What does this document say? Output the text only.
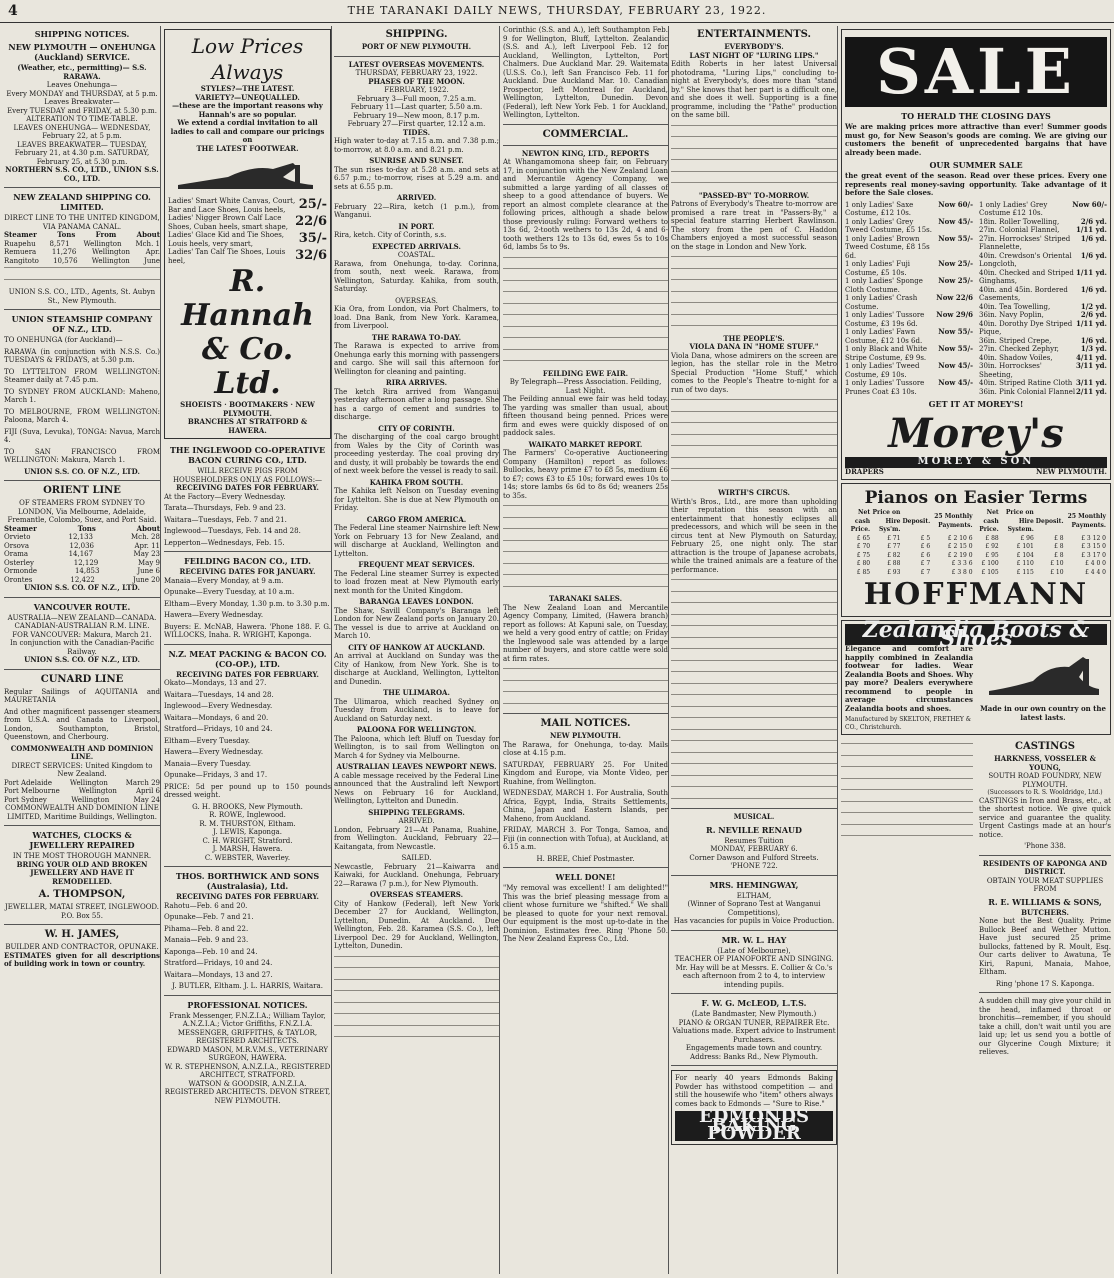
4	THE TARANAKI DAILY NEWS, THURSDAY, FEBRUARY 23, 1922.
SHIPPING NOTICES.
NEW PLYMOUTH — ONEHUNGA (Auckland) SERVICE.
(Weather, etc., permitting)— S.S. RARAWA.
Leaves Onehunga—
Every MONDAY and THURSDAY, at 5 p.m.
Leaves Breakwater—
Every TUESDAY and FRIDAY, at 5.30 p.m.
ALTERATION TO TIME-TABLE.
LEAVES ONEHUNGA— WEDNESDAY, February 22, at 5 p.m.
LEAVES BREAKWATER— TUESDAY, February 21, at 4.30 p.m. SATURDAY, February 25, at 5.30 p.m.
NORTHERN S.S. CO., LTD., UNION S.S. CO., LTD.
NEW ZEALAND SHIPPING CO. LIMITED.
DIRECT LINE TO THE UNITED KINGDOM, VIA PANAMA CANAL.
Steamer	Tons	From	About
Ruapehu 8,571 Wellington Mch. 1
Remuera 11,276 Wellington Apr.
Rangitoto 10,576 Wellington June
UNION S.S. CO., LTD., Agents, St. Aubyn St., New Plymouth.
UNION STEAMSHIP COMPANY OF N.Z., LTD.
TO ONEHUNGA (for Auckland)—
RARAWA (in conjunction with N.S.S. Co.) TUESDAYS & FRIDAYS, at 5.30 p.m.
TO LYTTELTON FROM WELLINGTON: Steamer daily at 7.45 p.m.
TO SYDNEY FROM AUCKLAND: Maheno, March 1.
TO MELBOURNE, FROM WELLINGTON: Paloona, March 4.
FIJI (Suva, Levuka), TONGA: Navua, March 4.
TO SAN FRANCISCO FROM WELLINGTON: Makura, March 1.
UNION S.S. CO. OF N.Z., LTD.
ORIENT LINE
OF STEAMERS FROM SYDNEY TO LONDON, Via Melbourne, Adelaide, Fremantle, Colombo, Suez, and Port Said.
Steamer	Tons	About
Orvieto	12,133	Mch. 28
Orsova	12,036	Apr. 11
Orama	14,167	May 23
Osterley	12,129	May 9
Ormonde	14,853	June 6
Orontes	12,422	June 20
UNION S.S. CO. OF N.Z., LTD.
VANCOUVER ROUTE.
AUSTRALIA—NEW ZEALAND—CANADA.
CANADIAN-AUSTRALIAN R.M. LINE.
FOR VANCOUVER: Makura, March 21.
In conjunction with the Canadian-Pacific Railway.
UNION S.S. CO. OF N.Z., LTD.
CUNARD LINE
Regular Sailings of AQUITANIA and MAURETANIA
And other magnificent passenger steamers from U.S.A. and Canada to Liverpool, London, Southampton, Bristol, Queenstown, and Cherbourg.
COMMONWEALTH AND DOMINION LINE.
DIRECT SERVICES: United Kingdom to New Zealand.
Port Adelaide	Wellington	March 29
Port Melbourne	Wellington	April 6
Port Sydney	Wellington	May 24
COMMONWEALTH AND DOMINION LINE LIMITED, Maritime Buildings, Wellington.
WATCHES, CLOCKS & JEWELLERY REPAIRED
IN THE MOST THOROUGH MANNER.
BRING YOUR OLD AND BROKEN JEWELLERY AND HAVE IT REMODELLED.
A. THOMPSON,
JEWELLER, MATAI STREET, INGLEWOOD. P.O. Box 55.
W. H. JAMES,
BUILDER AND CONTRACTOR, OPUNAKE.
ESTIMATES given for all descriptions of building work in town or country.
Low Prices Always
STYLES?—THE LATEST.
VARIETY?—UNEQUALLED.
—these are the important reasons why Hannah's are so popular.
We extend a cordial invitation to all ladies to call and compare our pricings on
THE LATEST FOOTWEAR.
Ladies' Smart White Canvas, Court, Bar and Lace Shoes, Louis heels,	25/-
Ladies' Nigger Brown Calf Lace Shoes, Cuban heels, smart shape, 22/6
Ladies' Glace Kid and Tie Shoes, Louis heels, very smart,	35/-
Ladies' Tan Calf Tie Shoes, Louis heel,	32/6
R. Hannah & Co. Ltd.
SHOEISTS · BOOTMAKERS · NEW PLYMOUTH.
BRANCHES AT STRATFORD & HAWERA.
THE INGLEWOOD CO-OPERATIVE BACON CURING CO., LTD.
WILL RECEIVE PIGS FROM HOUSEHOLDERS ONLY AS FOLLOWS:—
RECEIVING DATES FOR FEBRUARY.
At the Factory—Every Wednesday.
Tarata—Thursdays, Feb. 9 and 23.
Waitara—Tuesdays, Feb. 7 and 21.
Inglewood—Tuesdays, Feb. 14 and 28.
Lepperton—Wednesdays, Feb. 15.
FEILDING BACON CO., LTD.
RECEIVING DATES FOR JANUARY.
Manaia—Every Monday, at 9 a.m.
Opunake—Every Tuesday, at 10 a.m.
Eltham—Every Monday, 1.30 p.m. to 3.30 p.m.
Hawera—Every Wednesday.
Buyers: E. McNAB, Hawera. 'Phone 188. F. G. WILLOCKS, Inaha. R. WRIGHT, Kaponga.
N.Z. MEAT PACKING & BACON CO. (CO-OP.), LTD.
RECEIVING DATES FOR FEBRUARY.
Okato—Mondays, 13 and 27.
Waitara—Tuesdays, 14 and 28.
Inglewood—Every Wednesday.
Waitara—Mondays, 6 and 20.
Stratford—Fridays, 10 and 24.
Eltham—Every Tuesday.
Hawera—Every Wednesday.
Manaia—Every Tuesday.
Opunake—Fridays, 3 and 17.
PRICE: 5d per pound up to 150 pounds dressed weight.
G. H. BROOKS, New Plymouth.
R. ROWE, Inglewood.
R. M. THURSTON, Eltham.
J. LEWIS, Kaponga.
C. H. WRIGHT, Stratford.
J. MARSH, Hawera.
C. WEBSTER, Waverley.
THOS. BORTHWICK AND SONS (Australasia), Ltd.
RECEIVING DATES FOR FEBRUARY.
Rahotu—Feb. 6 and 20.
Opunake—Feb. 7 and 21.
Pihama—Feb. 8 and 22.
Manaia—Feb. 9 and 23.
Kaponga—Feb. 10 and 24.
Stratford—Fridays, 10 and 24.
Waitara—Mondays, 13 and 27.
J. BUTLER, Eltham. J. L. HARRIS, Waitara.
PROFESSIONAL NOTICES.
Frank Messenger, F.N.Z.I.A.; William Taylor, A.N.Z.I.A.; Victor Griffiths, F.N.Z.I.A.
MESSENGER, GRIFFITHS, & TAYLOR, REGISTERED ARCHITECTS.
EDWARD MASON, M.R.V.M.S., VETERINARY SURGEON, HAWERA.
W. R. STEPHENSON, A.N.Z.I.A., REGISTERED ARCHITECT, STRATFORD.
WATSON & GOODSIR, A.N.Z.I.A. REGISTERED ARCHITECTS. DEVON STREET, NEW PLYMOUTH.
SHIPPING.
PORT OF NEW PLYMOUTH.
LATEST OVERSEAS MOVEMENTS.
THURSDAY, FEBRUARY 23, 1922.
PHASES OF THE MOON.
FEBRUARY, 1922.
February 3—Full moon, 7.25 a.m.
February 11—Last quarter, 5.50 a.m.
February 19—New moon, 8.17 p.m.
February 27—First quarter, 12.12 a.m.
TIDES.
High water to-day at 7.15 a.m. and 7.38 p.m.; to-morrow, at 8.0 a.m. and 8.21 p.m.
SUNRISE AND SUNSET.
The sun rises to-day at 5.28 a.m. and sets at 6.57 p.m.; to-morrow, rises at 5.29 a.m. and sets at 6.55 p.m.
ARRIVED.
February 22—Rira, ketch (1 p.m.), from Wanganui.
IN PORT.
Rira, ketch. City of Corinth, s.s.
EXPECTED ARRIVALS.
COASTAL.
Rarawa, from Onehunga, to-day. Corinna, from south, next week. Rarawa, from Wellington, Saturday. Kahika, from south, Saturday.
OVERSEAS.
Kia Ora, from London, via Port Chalmers, to load. Dna Bank, from New York. Karamea, from Liverpool.
THE RARAWA TO-DAY.
The Rarawa is expected to arrive from Onehunga early this morning with passengers and cargo. She will sail this afternoon for Wellington for cleaning and painting.
RIRA ARRIVES.
The ketch Rira arrived from Wanganui yesterday afternoon after a long passage. She has a cargo of cement and sundries to discharge.
CITY OF CORINTH.
The discharging of the coal cargo brought from Wales by the City of Corinth was proceeding yesterday. The coal proving dry and dusty, it will probably be towards the end of next week before the vessel is ready to sail.
KAHIKA FROM SOUTH.
The Kahika left Nelson on Tuesday evening for Lyttelton. She is due at New Plymouth on Friday.
CARGO FROM AMERICA.
The Federal Line steamer Nairnshire left New York on February 13 for New Zealand, and will discharge at Auckland, Wellington and Lyttelton.
FREQUENT MEAT SERVICES.
The Federal Line steamer Surrey is expected to load frozen meat at New Plymouth early next month for the United Kingdom.
BARANGA LEAVES LONDON.
The Shaw, Savill Company's Baranga left London for New Zealand ports on January 20. The vessel is due to arrive at Auckland on March 10.
CITY OF HANKOW AT AUCKLAND.
An arrival at Auckland on Sunday was the City of Hankow, from New York. She is to discharge at Auckland, Wellington, Lyttelton and Dunedin.
THE ULIMAROA.
The Ulimaroa, which reached Sydney on Tuesday from Auckland, is to leave for Auckland on Saturday next.
PALOONA FOR WELLINGTON.
The Paloona, which left Bluff on Tuesday for Wellington, is to sail from Wellington on March 4 for Sydney via Melbourne.
AUSTRALIAN LEAVES NEWPORT NEWS.
A cable message received by the Federal Line announced that the Australind left Newport News on February 16 for Auckland, Wellington, Lyttelton and Dunedin.
SHIPPING TELEGRAMS.
ARRIVED.
London, February 21—At Panama, Ruahine, from Wellington. Auckland, February 22—Kaitangata, from Newcastle.
SAILED.
Newcastle, February 21—Kaiwarra and Kaiwaki, for Auckland. Onehunga, February 22—Rarawa (7 p.m.), for New Plymouth.
OVERSEAS STEAMERS.
City of Hankow (Federal), left New York December 27 for Auckland, Wellington, Lyttelton, Dunedin. At Auckland. Due Wellington, Feb. 28. Karamea (S.S. Co.), left Liverpool Dec. 29 for Auckland, Wellington, Lyttelton, Dunedin.
Corinthic (S.S. and A.), left Southampton Feb. 9 for Wellington, Bluff, Lyttelton. Zealandic (S.S. and A.), left Liverpool Feb. 12 for Auckland, Wellington, Lyttelton, Port Chalmers. Due Auckland Mar. 29. Waitemata (U.S.S. Co.), left San Francisco Feb. 11 for Auckland. Due Auckland Mar. 10. Canadian Prospector, left Montreal for Auckland, Wellington, Lyttelton, Dunedin. Devon (Federal), left New York Feb. 1 for Auckland, Wellington, Lyttelton.
COMMERCIAL.
NEWTON KING, LTD., REPORTS
At Whangamomona sheep fair, on February 17, in conjunction with the New Zealand Loan and Mercantile Agency Company, we submitted a large yarding of all classes of sheep to a good attendance of buyers. We report an almost complete clearance at the following prices, although a shade below those previously ruling: Forward wethers to 13s 6d, 2-tooth wethers to 13s 2d, 4 and 6-tooth wethers 12s to 13s 6d, ewes 5s to 10s 6d, lambs 5s to 9s.
FEILDING EWE FAIR.
By Telegraph—Press Association. Feilding, Last Night.
The Feilding annual ewe fair was held today. The yarding was smaller than usual, about fifteen thousand being penned. Prices were firm and ewes were quickly disposed of on paddock sales.
WAIKATO MARKET REPORT.
The Farmers' Co-operative Auctioneering Company (Hamilton) report as follows: Bullocks, heavy prime £7 to £8 5s, medium £6 to £7; cows £3 to £5 10s; forward ewes 10s to 14s; store lambs 6s 6d to 8s 6d; weaners 25s to 35s.
TARANAKI SALES.
The New Zealand Loan and Mercantile Agency Company, Limited, (Hawera branch) report as follows: At Kapuni sale, on Tuesday, we held a very good entry of cattle; on Friday the Inglewood sale was attended by a large number of buyers, and store cattle were sold at firm rates.
MAIL NOTICES.
NEW PLYMOUTH.
The Rarawa, for Onehunga, to-day. Mails close at 4.15 p.m.
SATURDAY, FEBRUARY 25. For United Kingdom and Europe, via Monte Video, per Ruahine, from Wellington.
WEDNESDAY, MARCH 1. For Australia, South Africa, Egypt, India, Straits Settlements, China, Japan and Eastern Islands, per Maheno, from Auckland.
FRIDAY, MARCH 3. For Tonga, Samoa, and Fiji (in connection with Tofua), at Auckland, at 6.15 a.m.
H. BREE, Chief Postmaster.
WELL DONE!
"My removal was excellent! I am delighted!" This was the brief pleasing message from a client whose furniture we "shifted." We shall be pleased to quote for your next removal. Our equipment is the most up-to-date in the Dominion. Estimates free. Ring 'Phone 50. The New Zealand Express Co., Ltd.
ENTERTAINMENTS.
EVERYBODY'S.
LAST NIGHT OF "LURING LIPS."
Edith Roberts in her latest Universal photodrama, "Luring Lips," concluding to-night at Everybody's, does more than "stand by." She knows that her part is a difficult one, and she does it well. Supporting is a fine programme, including the "Pathe" production on the same bill.
"PASSED-BY" TO-MORROW.
Patrons of Everybody's Theatre to-morrow are promised a rare treat in "Passers-By," a special feature starring Herbert Rawlinson. The story from the pen of C. Haddon Chambers enjoyed a most successful season on the stage in London and New York.
THE PEOPLE'S.
VIOLA DANA IN "HOME STUFF."
Viola Dana, whose admirers on the screen are legion, has the stellar role in the Metro Special Production "Home Stuff," which comes to the People's Theatre to-night for a run of two days.
WIRTH'S CIRCUS.
Wirth's Bros., Ltd., are more than upholding their reputation this season with an entertainment that honestly eclipses all predecessors, and which will be seen in the circus tent at New Plymouth on Saturday, February 25, one night only. The star attraction is the troupe of Japanese acrobats, while the trained animals are a feature of the performance.
MUSICAL.
R. NEVILLE RENAUD
Resumes Tuition
MONDAY, FEBRUARY 6.
Corner Dawson and Fulford Streets.
'PHONE 722.
MRS. HEMINGWAY,
ELTHAM,
(Winner of Soprano Test at Wanganui Competitions),
Has vacancies for pupils in Voice Production.
MR. W. L. HAY
(Late of Melbourne),
TEACHER OF PIANOFORTE AND SINGING.
Mr. Hay will be at Messrs. E. Collier & Co.'s each afternoon from 2 to 4, to interview intending pupils.
F. W. G. McLEOD, L.T.S.
(Late Bandmaster, New Plymouth.)
PIANO & ORGAN TUNER, REPAIRER Etc.
Valuations made. Expert advice to Instrument Purchasers.
Engagements made town and country.
Address: Banks Rd., New Plymouth.
For nearly 40 years Edmonds Baking Powder has withstood competition — and still the housewife who "item" others always comes back to Edmonds — "Sure to Rise."
EDMONDS BAKING POWDER
SALE
TO HERALD THE CLOSING DAYS
We are making prices more attractive than ever! Summer goods must go, for New Season's goods are coming. We are giving our customers the benefit of unprecedented bargains that have already been made.
OUR SUMMER SALE
the great event of the season. Read over these prices. Every one represents real money-saving opportunity. Take advantage of it before the Sale closes.
1 only Ladies' Saxe Costume, £12 10s.
Now 60/-
1 only Ladies' Grey Tweed Costume, £5 15s.
Now 45/-
1 only Ladies' Brown Tweed Costume, £8 15s 6d.
Now 55/-
1 only Ladies' Fuji Costume, £5 10s.
Now 25/-
1 only Ladies' Sponge Cloth Costume.
Now 25/-
1 only Ladies' Crash Costume.
Now 22/6
1 only Ladies' Tussore Costume, £3 19s 6d.
Now 29/6
1 only Ladies' Fawn Costume, £12 10s 6d.
Now 55/-
1 only Black and White Stripe Costume, £9 9s.
Now 55/-
1 only Ladies' Tweed Costume, £9 10s.
Now 45/-
1 only Ladies' Tussore Prunes Coat £3 10s.
Now 45/-
1 only Ladies' Grey Costume £12 10s.
Now 60/-
18in. Roller Towelling,	2/6 yd.
27in. Colonial Flannel,	1/11 yd.
27in. Horrockses' Striped Flannelette,
1/6 yd.
40in. Crewdson's Oriental Longcloth,
1/6 yd.
40in. Checked and Striped Ginghams,
1/11 yd.
40in. and 45in. Bordered Casements,
1/6 yd.
40in. Tea Towelling,	1/2 yd.
36in. Navy Poplin,	2/6 yd.
40in. Dorothy Dye Striped Pique,
1/11 yd.
36in. Striped Crepe,	1/6 yd.
27in. Checked Zephyr,	1/3 yd.
40in. Shadow Voiles,	4/11 yd.
30in. Horrockses' Sheeting,
3/11 yd.
40in. Striped Ratine Cloth 3/11 yd.
36in. Pink Colonial Flannel 2/11 yd.
GET IT AT MOREY'S!
Morey's
MOREY & SON
DRAPERS	NEW PLYMOUTH.
Pianos on Easier Terms
Net cash Price.	Price on Hire Sys'm.	Deposit.	25 Monthly Payments.	Net cash Price.	Price on Hire System.	Deposit.	25 Monthly Payments.
£ 65	£ 71	£ 5	£ 2 10 6	£ 88	£ 96	£ 8	£ 3 12 0
£ 70	£ 77	£ 6	£ 2 15 0	£ 92	£ 101	£ 8	£ 3 15 0
£ 75	£ 82	£ 6	£ 2 19 0	£ 95	£ 104	£ 8	£ 3 17 0
£ 80	£ 88	£ 7	£ 3 3 6	£ 100	£ 110	£ 10	£ 4 0 0
£ 85	£ 93	£ 7	£ 3 8 0	£ 105	£ 115	£ 10	£ 4 4 0
HOFFMANN
Zealandia Boots & Shoes
Elegance and comfort are happily combined in Zealandia footwear for ladies. Wear Zealandia Boots and Shoes. Why pay more? Dealers everywhere recommend to people in average circumstances Zealandia boots and shoes.
Manufactured by SKELTON, FRETHEY & CO., Christchurch.
Made in our own country on the latest lasts.
CASTINGS
HARKNESS, VOSSELER & YOUNG,
SOUTH ROAD FOUNDRY, NEW PLYMOUTH.
(Successors to R. S. Wooldridge, Ltd.)
CASTINGS in Iron and Brass, etc., at the shortest notice. We give quick service and guarantee the quality. Urgent Castings made at an hour's notice.
'Phone 338.
RESIDENTS OF KAPONGA AND DISTRICT.
OBTAIN YOUR MEAT SUPPLIES FROM
R. E. WILLIAMS & SONS,
BUTCHERS.
None but the Best Quality. Prime Bullock Beef and Wether Mutton. Have just secured 25 prime bullocks, fattened by R. Moult, Esq. Our carts deliver to Awatuna, Te Kiri, Rapuni, Manaia, Mahoe, Eltham.
Ring 'phone 17 S. Kaponga.
A sudden chill may give your child in the head, inflamed throat or bronchitis—remember, if you should take a chill, don't wait until you are laid up; let us send you a bottle of our Glycerine Cough Mixture; it relieves.
